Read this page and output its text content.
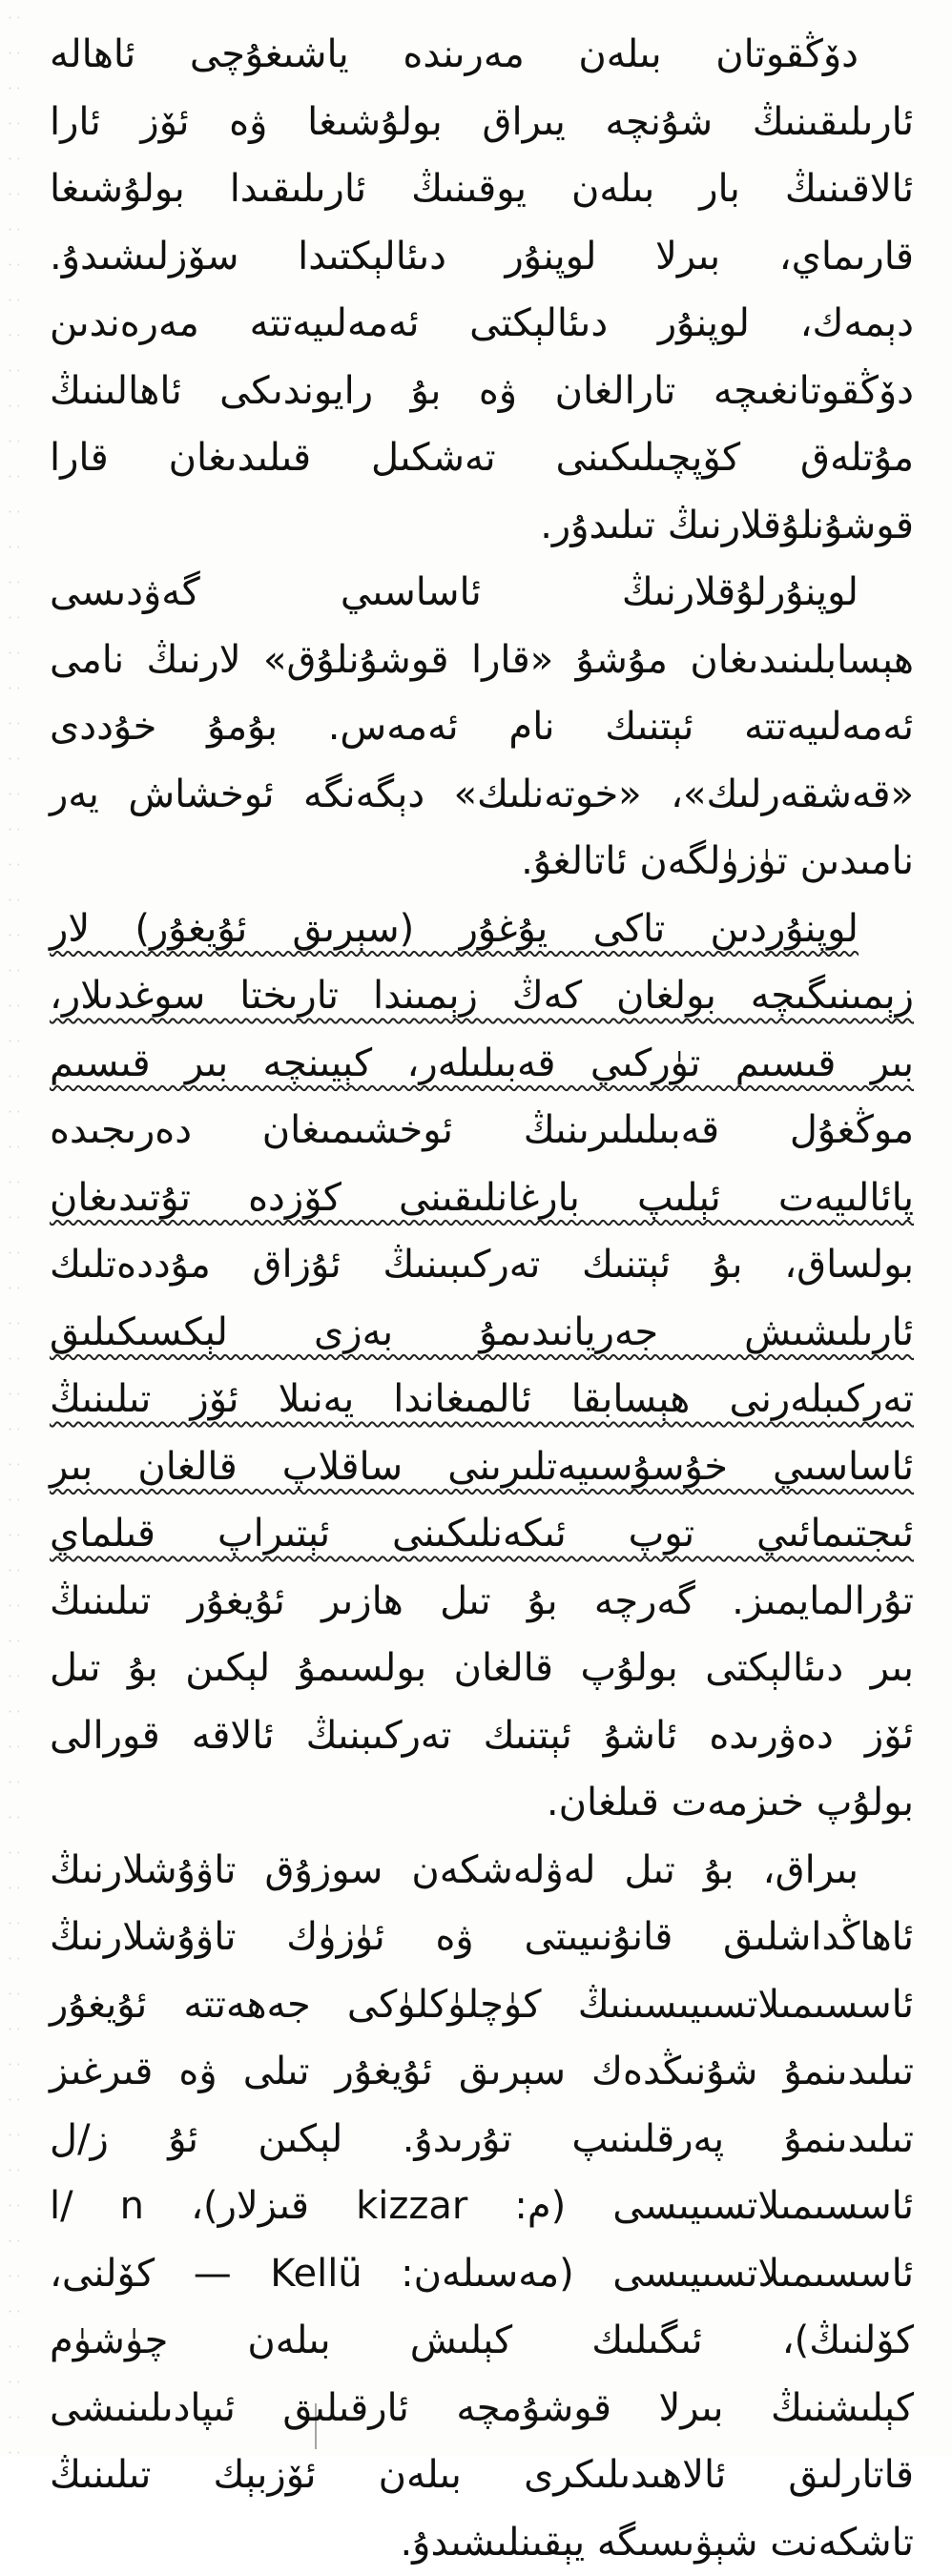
دۆڭقوتان بىلەن مەرىندە ياشىغۇچى ئاھالە
ئارىلىقىنىڭ شۇنچە يىراق بولۇشىغا ۋە ئۆز ئارا
ئالاقىنىڭ بار بىلەن يوقىنىڭ ئارىلىقىدا بولۇشىغا
قارىماي، بىرلا لوپنۇر دىئالېكتىدا سۆزلىشىدۇ.
دېمەك، لوپنۇر دىئالېكتى ئەمەلىيەتتە مەرەندىن
دۆڭقوتانغىچە تارالغان ۋە بۇ رايوندىكى ئاھالىنىڭ
مۇتلەق كۆپچىلىكىنى تەشكىل قىلىدىغان قارا
قوشۇنلۇقلارنىڭ تىلىدۇر.
لوپنۇرلۇقلارنىڭ ئاساسىي گەۋدىسى
ھېسابلىنىدىغان مۇشۇ «قارا قوشۇنلۇق» لارنىڭ نامى
ئەمەلىيەتتە ئېتنىك نام ئەمەس. بۇمۇ خۇددى
«قەشقەرلىك»، «خوتەنلىك» دېگەنگە ئوخشاش يەر
نامىدىن تۈزۈلگەن ئاتالغۇ.
لوپنۇردىن تاكى يۇغۇر (سېرىق ئۇيغۇر) لار
زېمىنىگىچە بولغان كەڭ زېمىندا تارىختا سوغدىلار،
بىر قىسىم تۈركىي قەبىلىلەر، كېيىنچە بىر قىسىم
موڭغۇل قەبىلىلىرىنىڭ ئوخشىمىغان دەرىجىدە
پائالىيەت ئېلىپ بارغانلىقىنى كۆزدە تۇتىدىغان
بولساق، بۇ ئېتنىك تەركىبىنىڭ ئۇزاق مۇددەتلىك
ئارىلىشىش جەريانىدىمۇ بەزى لېكسىكىلىق
تەركىبلەرنى ھېسابقا ئالمىغاندا يەنىلا ئۆز تىلىنىڭ
ئاساسىي خۇسۇسىيەتلىرىنى ساقلاپ قالغان بىر
ئىجتىمائىي توپ ئىكەنلىكىنى ئېتىراپ قىلماي
تۇرالمايمىز. گەرچە بۇ تىل ھازىر ئۇيغۇر تىلىنىڭ
بىر دىئالېكتى بولۇپ قالغان بولسىمۇ لېكىن بۇ تىل
ئۆز دەۋرىدە ئاشۇ ئېتنىك تەركىبنىڭ ئالاقە قورالى
بولۇپ خىزمەت قىلغان.
بىراق، بۇ تىل لەۋلەشكەن سوزۇق تاۋۇشلارنىڭ
ئاھاڭداشلىق قانۇنىيىتى ۋە ئۈزۈك تاۋۇشلارنىڭ
ئاسسىمىلاتسىيىسىنىڭ كۈچلۈكلۈكى جەھەتتە ئۇيغۇر
تىلىدىنمۇ شۇنىڭدەك سېرىق ئۇيغۇر تىلى ۋە قىرغىز
تىلىدىنمۇ پەرقلىنىپ تۇرىدۇ. لېكىن ئۇ ز/ل
ئاسسىمىلاتسىيىسى (م: kizzar قىزلار)، l/ n
ئاسسىمىلاتسىيىسى (مەسىلەن: Kellü — كۆلنى،
كۆلنىڭ)، ئىگىلىك كېلىش بىلەن چۈشۈم
كېلىشنىڭ بىرلا قوشۇمچە ئارقىلىق ئىپادىلىنىشى
قاتارلىق ئالاھىدىلىكرى بىلەن ئۆزبېك تىلىنىڭ
تاشكەنت شېۋىسىگە يېقىنلىشىدۇ.
